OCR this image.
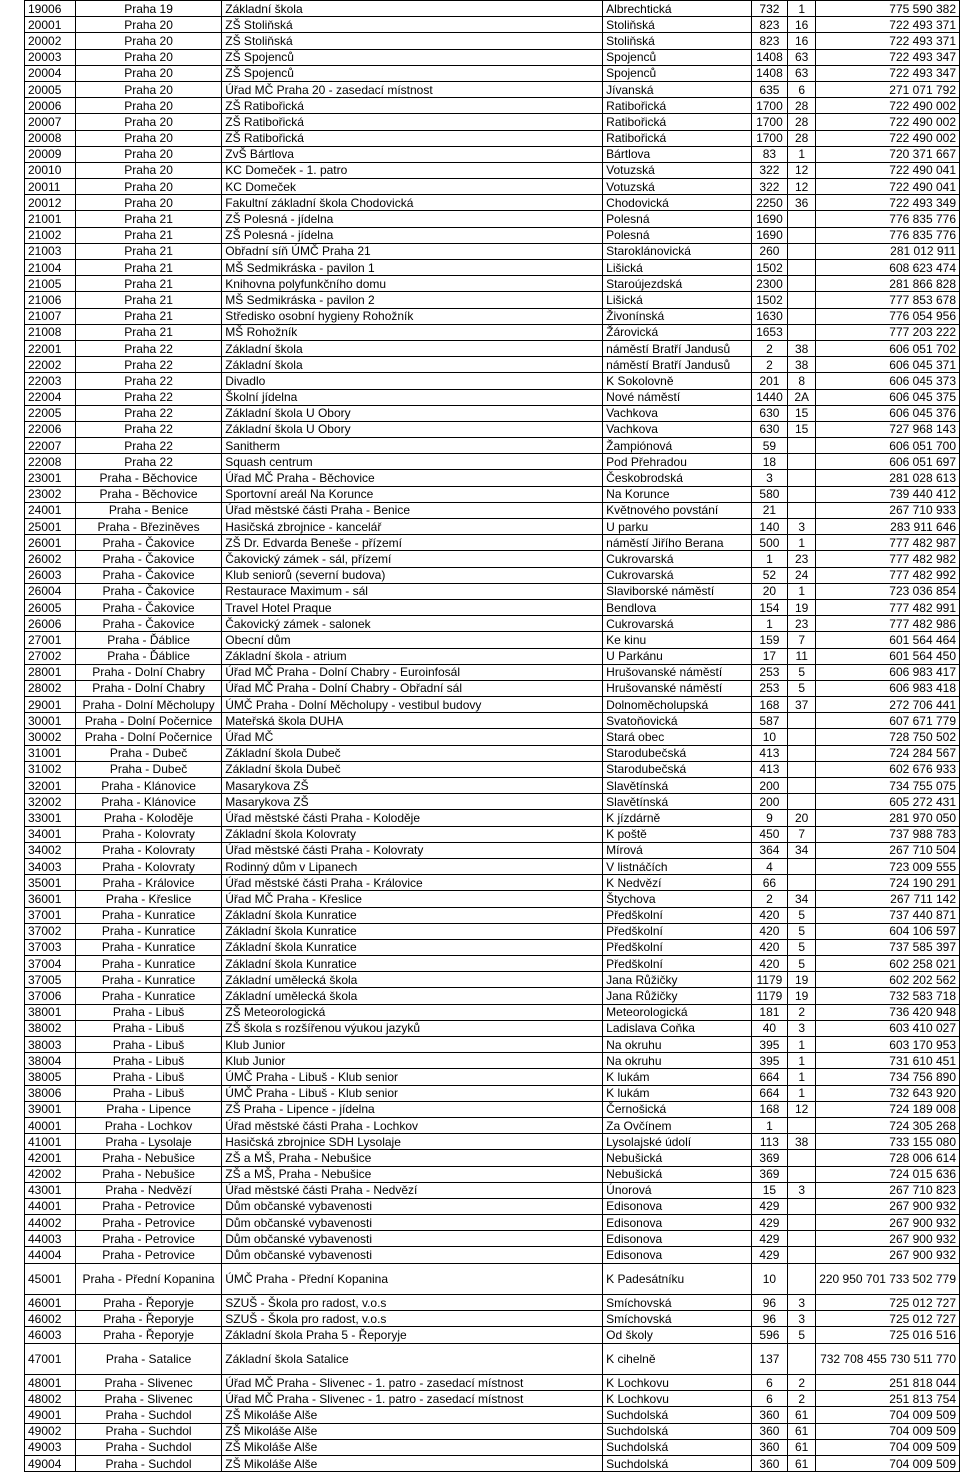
19006	Praha 19	Základní škola	Albrechtická	732	1	775 590 382
20001	Praha 20	ZŠ Stoliňská	Stoliňská	823	16	722 493 371
20002	Praha 20	ZŠ Stoliňská	Stoliňská	823	16	722 493 371
20003	Praha 20	ZŠ Spojenců	Spojenců	1408	63	722 493 347
20004	Praha 20	ZŠ Spojenců	Spojenců	1408	63	722 493 347
20005	Praha 20	Úřad MČ Praha 20 - zasedací místnost	Jívanská	635	6	271 071 792
20006	Praha 20	ZŠ Ratibořická	Ratibořická	1700	28	722 490 002
20007	Praha 20	ZŠ Ratibořická	Ratibořická	1700	28	722 490 002
20008	Praha 20	ZŠ Ratibořická	Ratibořická	1700	28	722 490 002
20009	Praha 20	ZvŠ Bártlova	Bártlova	83	1	720 371 667
20010	Praha 20	KC Domeček - 1. patro	Votuzská	322	12	722 490 041
20011	Praha 20	KC Domeček	Votuzská	322	12	722 490 041
20012	Praha 20	Fakultní základní škola Chodovická	Chodovická	2250	36	722 493 349
21001	Praha 21	ZŠ Polesná - jídelna	Polesná	1690		776 835 776
21002	Praha 21	ZŠ Polesná - jídelna	Polesná	1690		776 835 776
21003	Praha 21	Obřadní síň ÚMČ Praha 21	Staroklánovická	260		281 012 911
21004	Praha 21	MŠ Sedmikráska - pavilon 1	Lišická	1502		608 623 474
21005	Praha 21	Knihovna polyfunkčního domu	Staroújezdská	2300		281 866 828
21006	Praha 21	MŠ Sedmikráska - pavilon 2	Lišická	1502		777 853 678
21007	Praha 21	Středisko osobní hygieny Rohožník	Živonínská	1630		776 054 956
21008	Praha 21	MŠ Rohožník	Žárovická	1653		777 203 222
22001	Praha 22	Základní škola	náměstí Bratří Jandusů	2	38	606 051 702
22002	Praha 22	Základní škola	náměstí Bratří Jandusů	2	38	606 045 371
22003	Praha 22	Divadlo	K Sokolovně	201	8	606 045 373
22004	Praha 22	Školní jídelna	Nové náměstí	1440	2A	606 045 375
22005	Praha 22	Základní škola U Obory	Vachkova	630	15	606 045 376
22006	Praha 22	Základní škola U Obory	Vachkova	630	15	727 968 143
22007	Praha 22	Sanitherm	Žampiónová	59		606 051 700
22008	Praha 22	Squash centrum	Pod Přehradou	18		606 051 697
23001	Praha - Běchovice	Úřad MČ Praha - Běchovice	Českobrodská	3		281 028 613
23002	Praha - Běchovice	Sportovní areál Na Korunce	Na Korunce	580		739 440 412
24001	Praha - Benice	Úřad městské části Praha - Benice	Květnového povstání	21		267 710 933
25001	Praha - Březiněves	Hasičská zbrojnice - kancelář	U parku	140	3	283 911 646
26001	Praha - Čakovice	ZŠ Dr. Edvarda Beneše - přízemí	náměstí Jiřího Berana	500	1	777 482 987
26002	Praha - Čakovice	Čakovický zámek - sál, přízemí	Cukrovarská	1	23	777 482 982
26003	Praha - Čakovice	Klub seniorů (severní budova)	Cukrovarská	52	24	777 482 992
26004	Praha - Čakovice	Restaurace Maximum - sál	Slaviborské náměstí	20	1	723 036 854
26005	Praha - Čakovice	Travel Hotel Praque	Bendlova	154	19	777 482 991
26006	Praha - Čakovice	Čakovický zámek - salonek	Cukrovarská	1	23	777 482 986
27001	Praha - Ďáblice	Obecní dům	Ke kinu	159	7	601 564 464
27002	Praha - Ďáblice	Základní škola - atrium	U Parkánu	17	11	601 564 450
28001	Praha - Dolní Chabry	Úřad MČ Praha - Dolní Chabry - Euroinfosál	Hrušovanské náměstí	253	5	606 983 417
28002	Praha - Dolní Chabry	Úřad MČ Praha - Dolní Chabry - Obřadní sál	Hrušovanské náměstí	253	5	606 983 418
29001	Praha - Dolní Měcholupy	ÚMČ Praha - Dolní Měcholupy - vestibul budovy	Dolnoměcholupská	168	37	272 706 441
30001	Praha - Dolní Počernice	Mateřská škola DUHA	Svatoňovická	587		607 671 779
30002	Praha - Dolní Počernice	Úřad MČ	Stará obec	10		728 750 502
31001	Praha - Dubeč	Základní škola Dubeč	Starodubečská	413		724 284 567
31002	Praha - Dubeč	Základní škola Dubeč	Starodubečská	413		602 676 933
32001	Praha - Klánovice	Masarykova ZŠ	Slavětínská	200		734 755 075
32002	Praha - Klánovice	Masarykova ZŠ	Slavětínská	200		605 272 431
33001	Praha - Koloděje	Úřad městské části Praha - Koloděje	K jízdárně	9	20	281 970 050
34001	Praha - Kolovraty	Základní škola Kolovraty	K poště	450	7	737 988 783
34002	Praha - Kolovraty	Úřad městské části Praha - Kolovraty	Mírová	364	34	267 710 504
34003	Praha - Kolovraty	Rodinný dům v Lipanech	V listnáčích	4		723 009 555
35001	Praha - Královice	Úřad městské části Praha - Královice	K Nedvězí	66		724 190 291
36001	Praha - Křeslice	Úřad MČ Praha - Křeslice	Štychova	2	34	267 711 142
37001	Praha - Kunratice	Základní škola Kunratice	Předškolní	420	5	737 440 871
37002	Praha - Kunratice	Základní škola Kunratice	Předškolní	420	5	604 106 597
37003	Praha - Kunratice	Základní škola Kunratice	Předškolní	420	5	737 585 397
37004	Praha - Kunratice	Základní škola Kunratice	Předškolní	420	5	602 258 021
37005	Praha - Kunratice	Základní umělecká škola	Jana Růžičky	1179	19	602 202 562
37006	Praha - Kunratice	Základní umělecká škola	Jana Růžičky	1179	19	732 583 718
38001	Praha - Libuš	ZŠ Meteorologická	Meteorologická	181	2	736 420 948
38002	Praha - Libuš	ZŠ škola s rozšířenou výukou jazyků	Ladislava Coňka	40	3	603 410 027
38003	Praha - Libuš	Klub Junior	Na okruhu	395	1	603 170 953
38004	Praha - Libuš	Klub Junior	Na okruhu	395	1	731 610 451
38005	Praha - Libuš	ÚMČ Praha - Libuš - Klub senior	K lukám	664	1	734 756 890
38006	Praha - Libuš	ÚMČ Praha - Libuš - Klub senior	K lukám	664	1	732 643 920
39001	Praha - Lipence	ZŠ Praha - Lipence - jídelna	Černošická	168	12	724 189 008
40001	Praha - Lochkov	Úřad městské části Praha - Lochkov	Za Ovčínem	1		724 305 268
41001	Praha - Lysolaje	Hasičská zbrojnice SDH Lysolaje	Lysolajské údolí	113	38	733 155 080
42001	Praha - Nebušice	ZŠ a MŠ, Praha - Nebušice	Nebušická	369		728 006 614
42002	Praha - Nebušice	ZŠ a MŠ, Praha - Nebušice	Nebušická	369		724 015 636
43001	Praha - Nedvězí	Úřad městské části Praha - Nedvězí	Únorová	15	3	267 710 823
44001	Praha - Petrovice	Dům občanské vybavenosti	Edisonova	429		267 900 932
44002	Praha - Petrovice	Dům občanské vybavenosti	Edisonova	429		267 900 932
44003	Praha - Petrovice	Dům občanské vybavenosti	Edisonova	429		267 900 932
44004	Praha - Petrovice	Dům občanské vybavenosti	Edisonova	429		267 900 932
45001	Praha - Přední Kopanina	ÚMČ Praha - Přední Kopanina	K Padesátníku	10		220 950 701 733 502 779
46001	Praha - Řeporyje	SZUŠ - Škola pro radost, v.o.s	Smíchovská	96	3	725 012 727
46002	Praha - Řeporyje	SZUŠ - Škola pro radost, v.o.s	Smíchovská	96	3	725 012 727
46003	Praha - Řeporyje	Základní škola Praha 5 - Řeporyje	Od školy	596	5	725 016 516
47001	Praha - Satalice	Základní škola Satalice	K cihelně	137		732 708 455 730 511 770
48001	Praha - Slivenec	Úřad MČ Praha - Slivenec - 1. patro - zasedací místnost	K Lochkovu	6	2	251 818 044
48002	Praha - Slivenec	Úřad MČ Praha - Slivenec - 1. patro - zasedací místnost	K Lochkovu	6	2	251 813 754
49001	Praha - Suchdol	ZŠ Mikoláše Alše	Suchdolská	360	61	704 009 509
49002	Praha - Suchdol	ZŠ Mikoláše Alše	Suchdolská	360	61	704 009 509
49003	Praha - Suchdol	ZŠ Mikoláše Alše	Suchdolská	360	61	704 009 509
49004	Praha - Suchdol	ZŠ Mikoláše Alše	Suchdolská	360	61	704 009 509
